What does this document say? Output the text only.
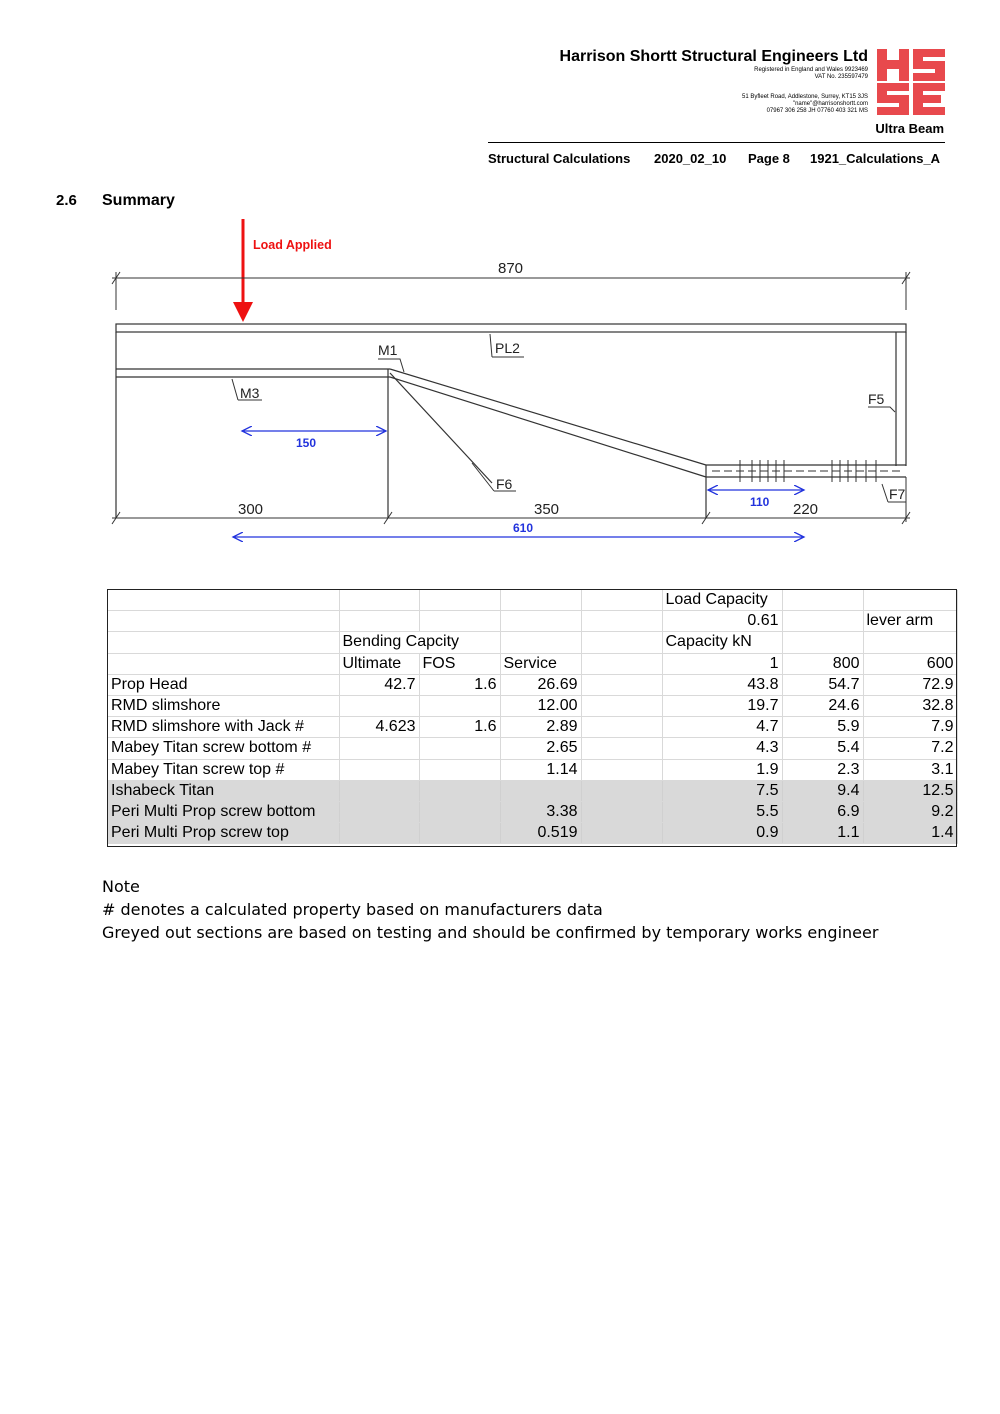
Harrison Shortt Structural Engineers Ltd
Registered in England and Wales 9923469
VAT No. 235597479
51 Byfleet Road, Addlestone, Surrey, KT15 3JS
"name"@harrisonshortt.com
07967 306 258 JH 07760 403 321 MS
Ultra Beam
Structural Calculations 2020_02_10 Page 8 1921_Calculations_A
2.6 Summary
Load Applied
870
300	350	220
150
110
610
M1	PL2
M3	F5
F6
F7
					Load Capacity		
					0.61		lever arm
	Bending Capcity				Capacity kN		
	Ultimate	FOS	Service		1	800	600
Prop Head	42.7	1.6	26.69		43.8	54.7	72.9
RMD slimshore			12.00		19.7	24.6	32.8
RMD slimshore with Jack #	4.623	1.6	2.89		4.7	5.9	7.9
Mabey Titan screw bottom #			2.65		4.3	5.4	7.2
Mabey Titan screw top #			1.14		1.9	2.3	3.1
Ishabeck Titan					7.5	9.4	12.5
Peri Multi Prop screw bottom			3.38		5.5	6.9	9.2
Peri Multi Prop screw top			0.519		0.9	1.1	1.4
Note
# denotes a calculated property based on manufacturers data
Greyed out sections are based on testing and should be confirmed by temporary works engineer
